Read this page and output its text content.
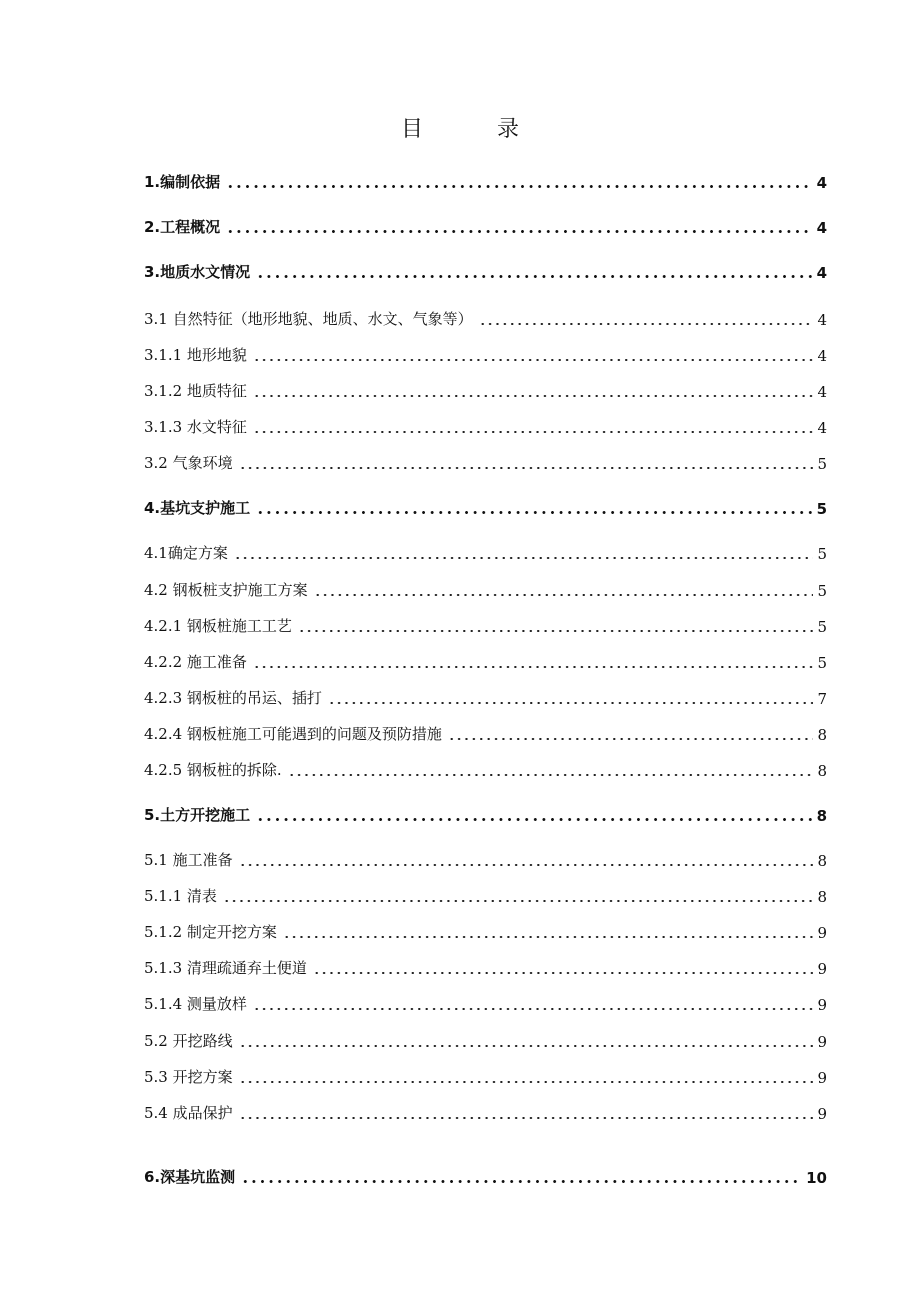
目　录
1.编制依据	4
2.工程概况	4
3.地质水文情况	4
3.1 自然特征（地形地貌、地质、水文、气象等）	4
3.1.1 地形地貌	4
3.1.2 地质特征	4
3.1.3 水文特征	4
3.2 气象环境	5
4.基坑支护施工	5
4.1确定方案	5
4.2 钢板桩支护施工方案	5
4.2.1 钢板桩施工工艺	5
4.2.2 施工准备	5
4.2.3 钢板桩的吊运、插打	7
4.2.4 钢板桩施工可能遇到的问题及预防措施	8
4.2.5 钢板桩的拆除.	8
5.土方开挖施工	8
5.1 施工准备	8
5.1.1 清表	8
5.1.2 制定开挖方案	9
5.1.3 清理疏通弃土便道	9
5.1.4 测量放样	9
5.2 开挖路线	9
5.3 开挖方案	9
5.4 成品保护	9
6.深基坑监测	10
